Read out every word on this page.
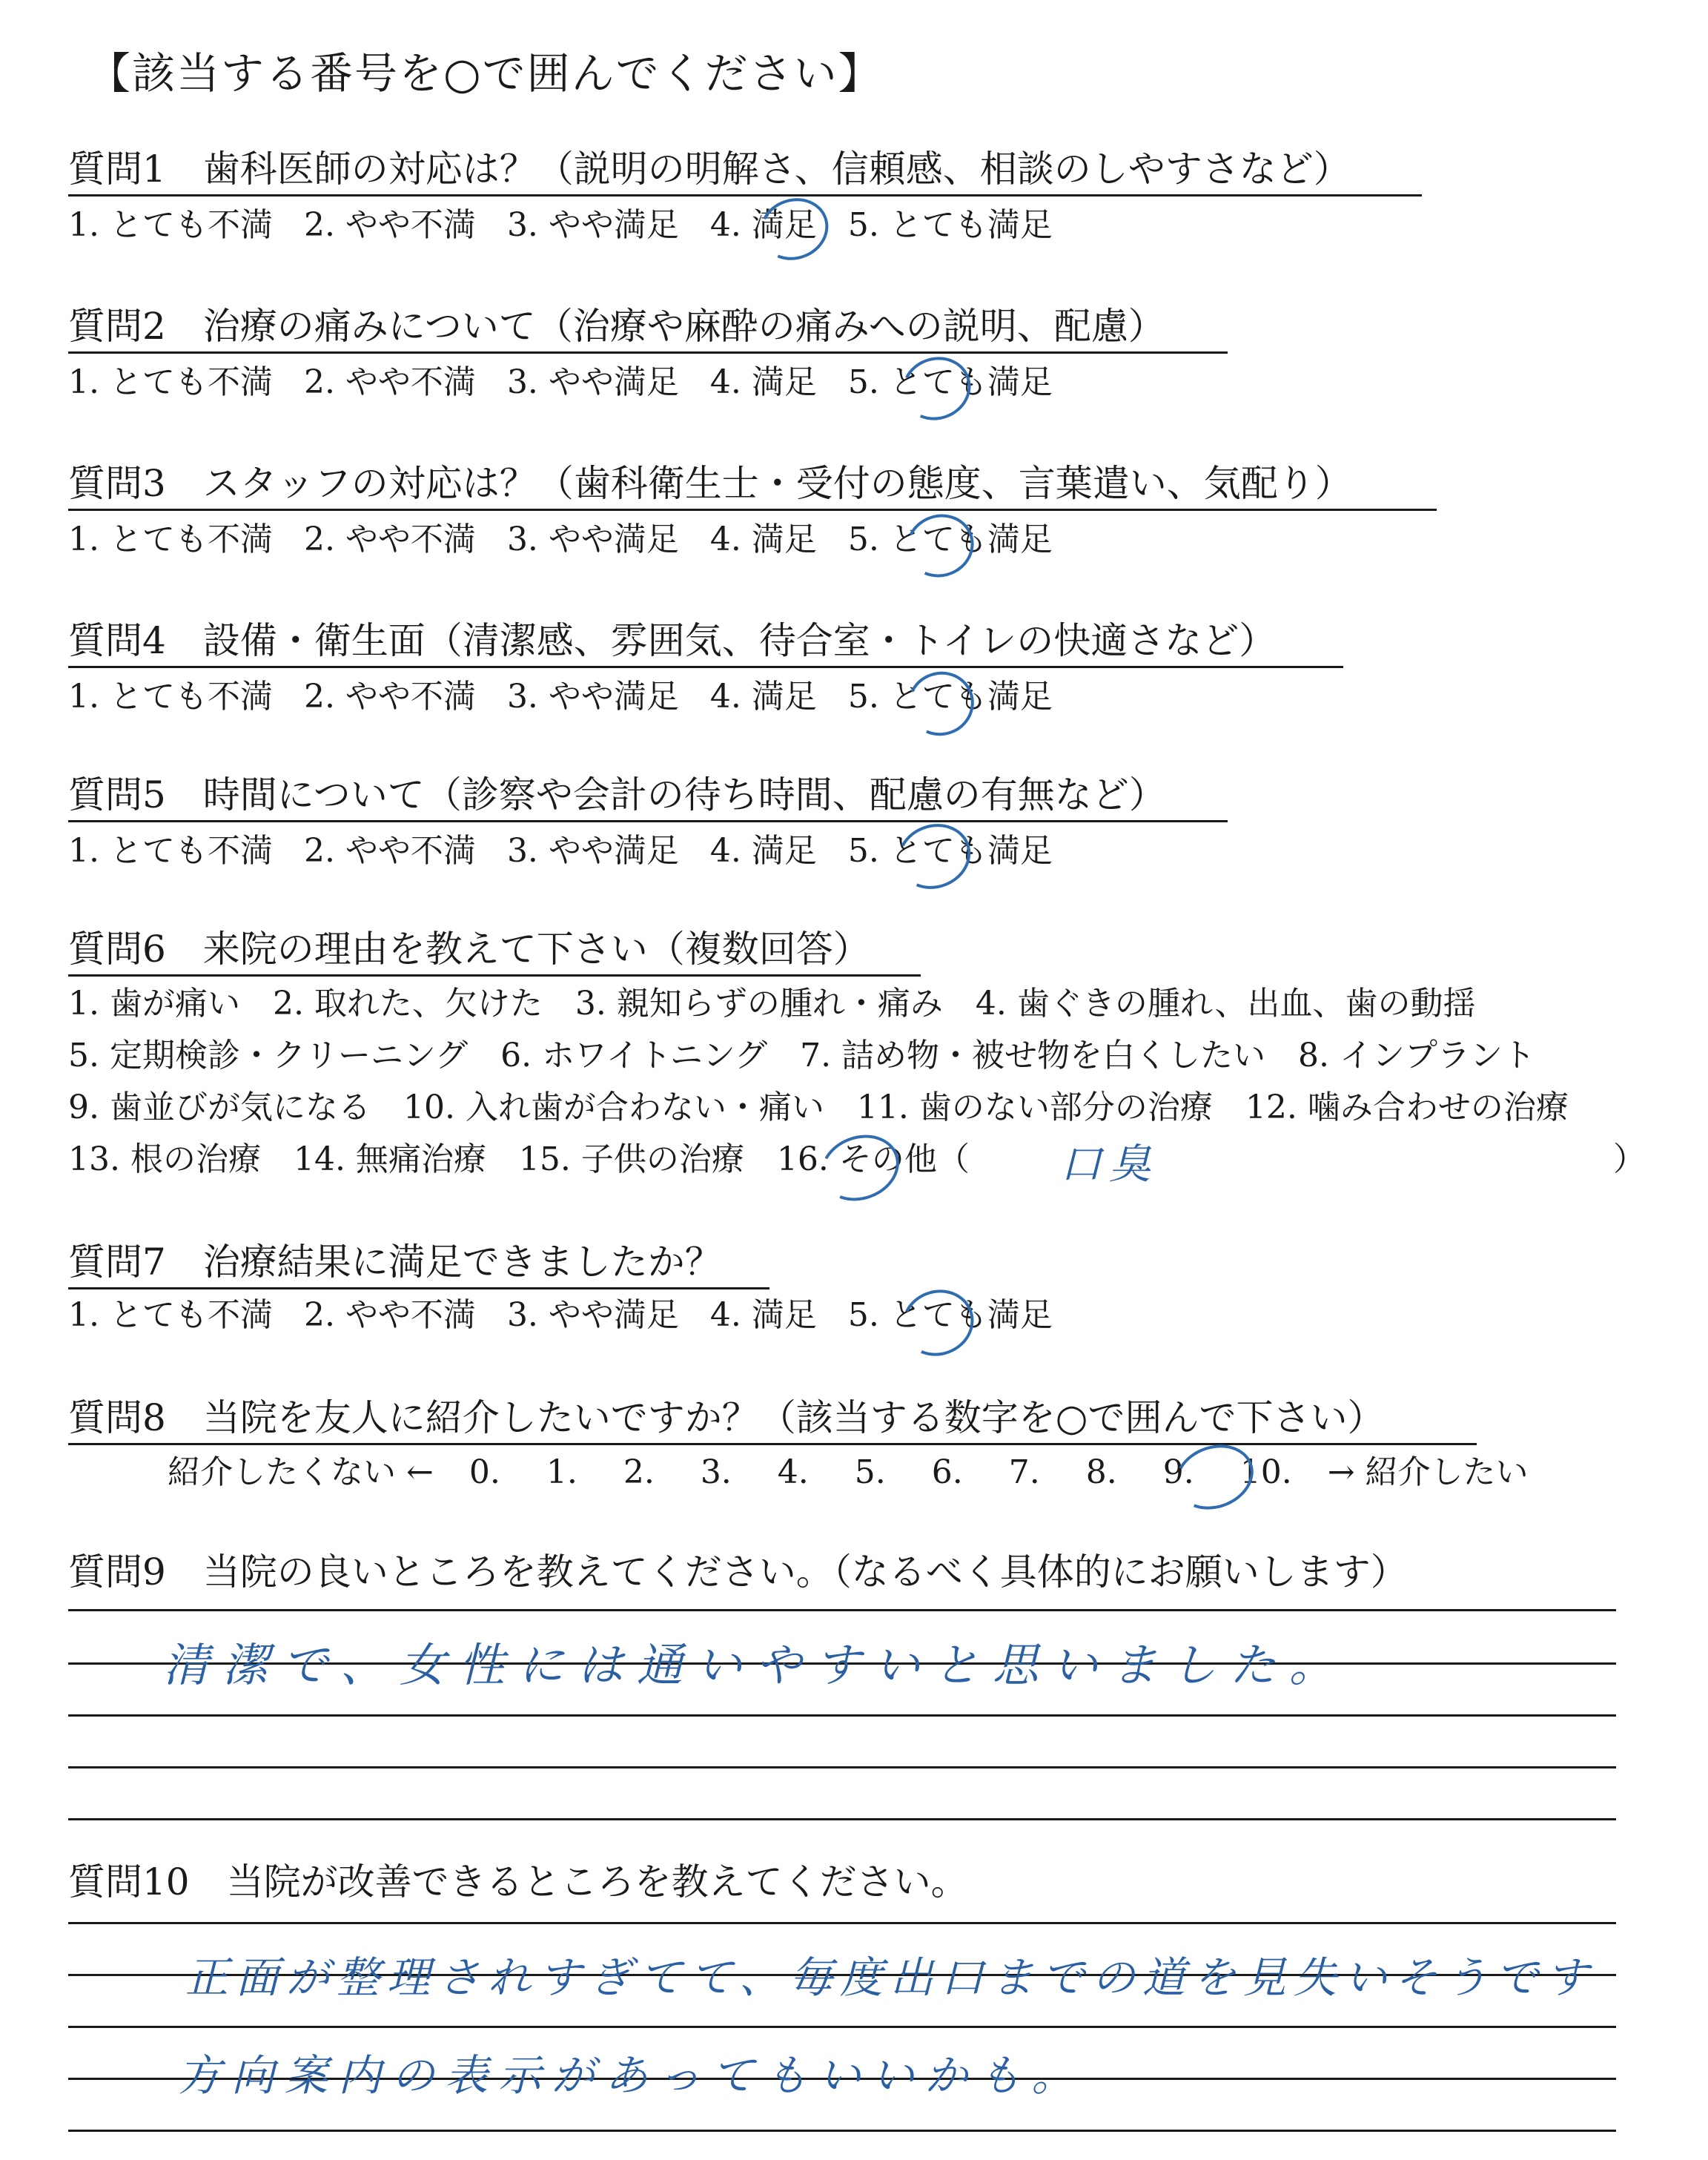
【該当する番号を○で囲んでください】
質問1　歯科医師の対応は？（説明の明解さ、信頼感、相談のしやすさなど）
1. とても不満 2. やや不満 3. やや満足 4. 満足 5. とても満足
質問2　治療の痛みについて（治療や麻酔の痛みへの説明、配慮）
1. とても不満 2. やや不満 3. やや満足 4. 満足 5. とても満足
質問3　スタッフの対応は？（歯科衛生士・受付の態度、言葉遣い、気配り）
1. とても不満 2. やや不満 3. やや満足 4. 満足 5. とても満足
質問4　設備・衛生面（清潔感、雰囲気、待合室・トイレの快適さなど）
1. とても不満 2. やや不満 3. やや満足 4. 満足 5. とても満足
質問5　時間について（診察や会計の待ち時間、配慮の有無など）
1. とても不満 2. やや不満 3. やや満足 4. 満足 5. とても満足
質問6　来院の理由を教えて下さい（複数回答）
1. 歯が痛い　2. 取れた、欠けた　3. 親知らずの腫れ・痛み　4. 歯ぐきの腫れ、出血、歯の動揺
5. 定期検診・クリーニング　6. ホワイトニング　7. 詰め物・被せ物を白くしたい　8. インプラント
9. 歯並びが気になる　10. 入れ歯が合わない・痛い　11. 歯のない部分の治療　12. 噛み合わせの治療
13. 根の治療　14. 無痛治療　15. 子供の治療　16. その他（ 口臭	）
質問7　治療結果に満足できましたか？
1. とても不満 2. やや不満 3. やや満足 4. 満足 5. とても満足
質問8　当院を友人に紹介したいですか？（該当する数字を○で囲んで下さい）
紹介したくない ← 0. 1. 2. 3. 4. 5. 6. 7. 8. 9. 10. → 紹介したい
質問9　当院の良いところを教えてください。（なるべく具体的にお願いします）
清潔で、女性には通いやすいと思いました。
質問10　当院が改善できるところを教えてください。
正面が整理されすぎてて、毎度出口までの道を見失いそうです
方向案内の表示があってもいいかも。
